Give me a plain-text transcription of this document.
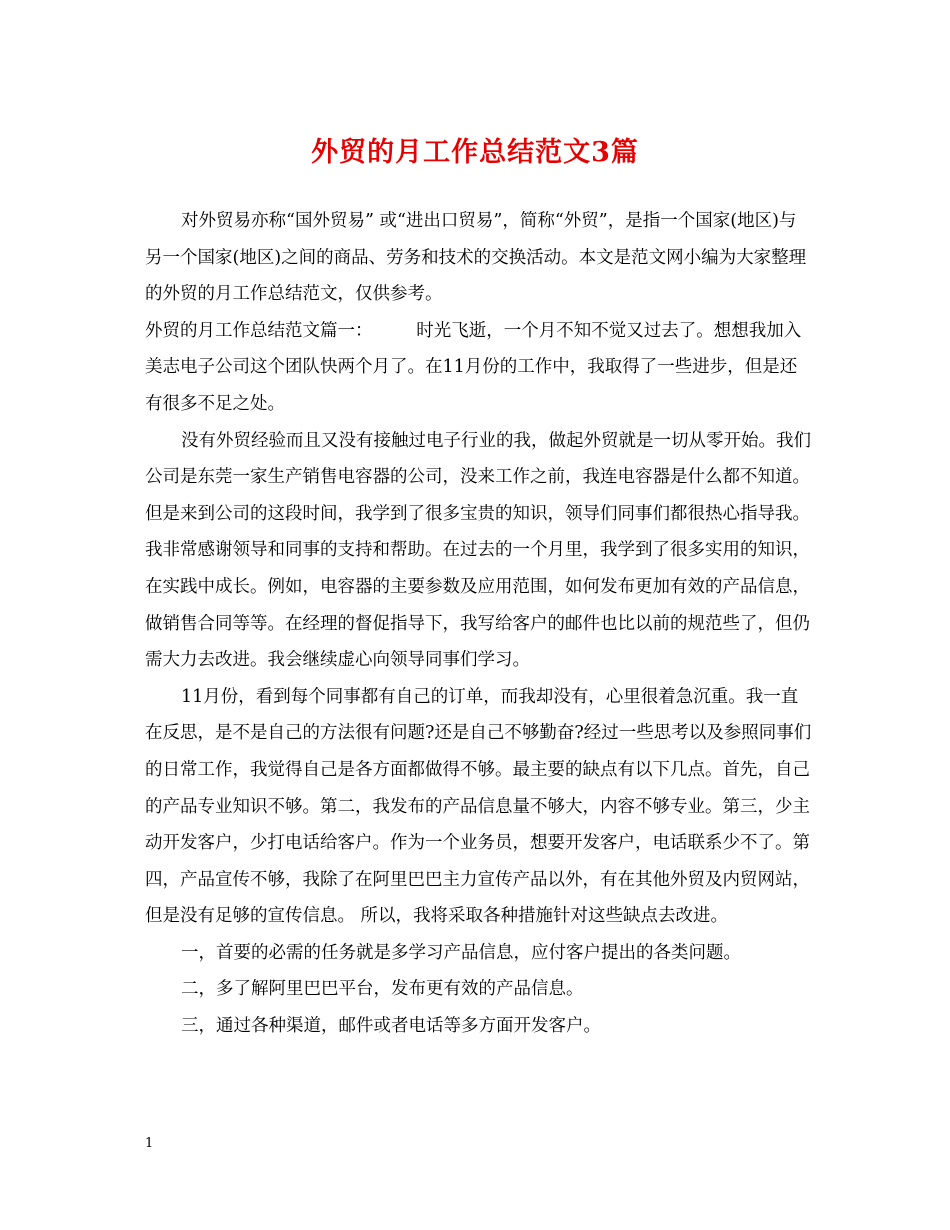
外贸的月工作总结范文3篇

对外贸易亦称“国外贸易” 或“进出口贸易”，简称“外贸”，是指一个国家(地区)与另一个国家(地区)之间的商品、劳务和技术的交换活动。本文是范文网小编为大家整理的外贸的月工作总结范文，仅供参考。

外贸的月工作总结范文篇一：　　　时光飞逝，一个月不知不觉又过去了。想想我加入美志电子公司这个团队快两个月了。在11月份的工作中，我取得了一些进步，但是还有很多不足之处。

没有外贸经验而且又没有接触过电子行业的我，做起外贸就是一切从零开始。我们公司是东莞一家生产销售电容器的公司，没来工作之前，我连电容器是什么都不知道。但是来到公司的这段时间，我学到了很多宝贵的知识，领导们同事们都很热心指导我。我非常感谢领导和同事的支持和帮助。在过去的一个月里，我学到了很多实用的知识，在实践中成长。例如，电容器的主要参数及应用范围，如何发布更加有效的产品信息，做销售合同等等。在经理的督促指导下，我写给客户的邮件也比以前的规范些了，但仍需大力去改进。我会继续虚心向领导同事们学习。

11月份，看到每个同事都有自己的订单，而我却没有，心里很着急沉重。我一直在反思，是不是自己的方法很有问题?还是自己不够勤奋?经过一些思考以及参照同事们的日常工作，我觉得自己是各方面都做得不够。最主要的缺点有以下几点。首先，自己的产品专业知识不够。第二，我发布的产品信息量不够大，内容不够专业。第三，少主动开发客户，少打电话给客户。作为一个业务员，想要开发客户，电话联系少不了。第四，产品宣传不够，我除了在阿里巴巴主力宣传产品以外，有在其他外贸及内贸网站，但是没有足够的宣传信息。 所以，我将采取各种措施针对这些缺点去改进。

一，首要的必需的任务就是多学习产品信息，应付客户提出的各类问题。

二，多了解阿里巴巴平台，发布更有效的产品信息。

三，通过各种渠道，邮件或者电话等多方面开发客户。

1
